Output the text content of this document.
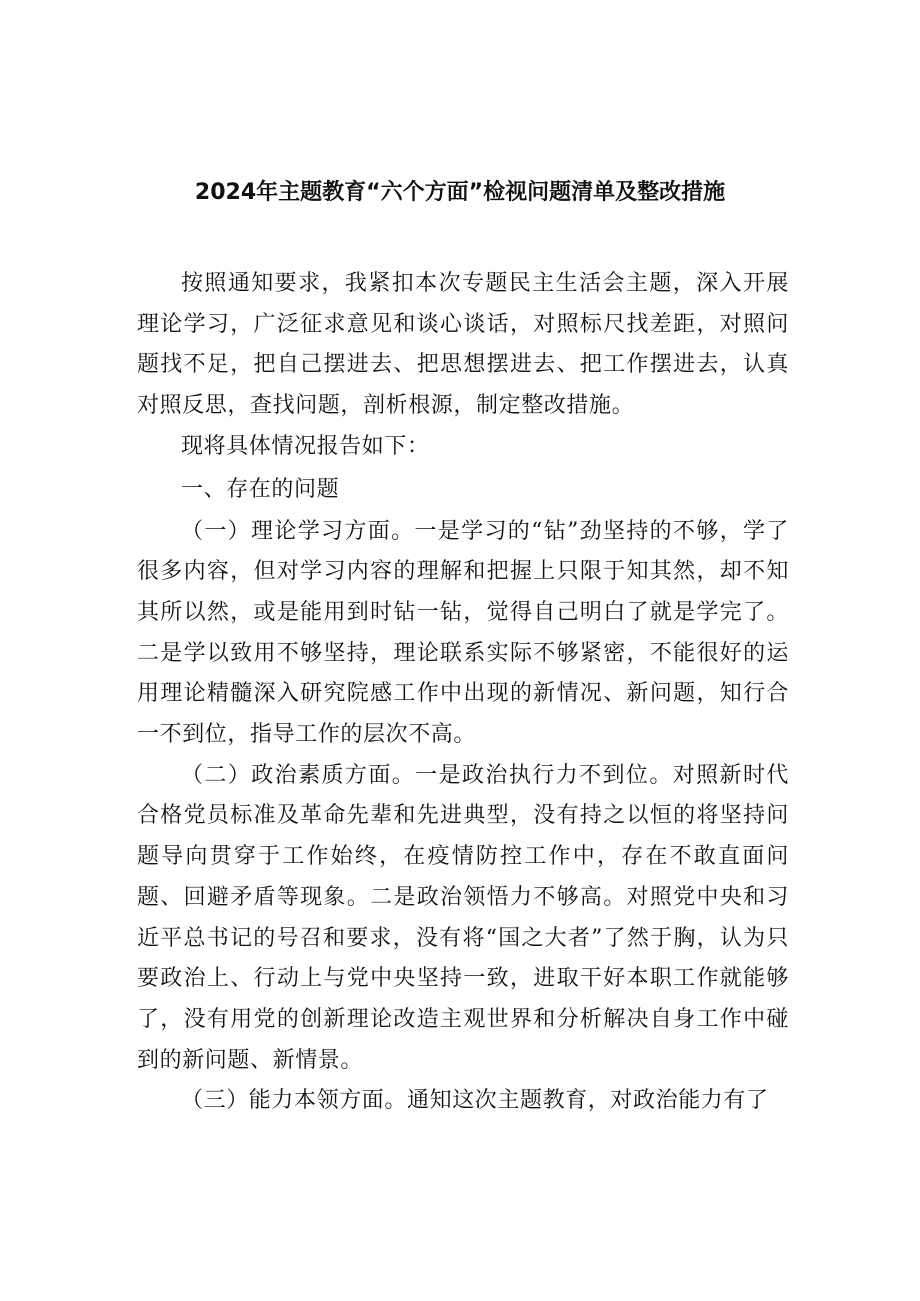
2024年主题教育“六个方面”检视问题清单及整改措施

按照通知要求，我紧扣本次专题民主生活会主题，深入开展理论学习，广泛征求意见和谈心谈话，对照标尺找差距，对照问题找不足，把自己摆进去、把思想摆进去、把工作摆进去，认真对照反思，查找问题，剖析根源，制定整改措施。

现将具体情况报告如下：

一、存在的问题

（一）理论学习方面。一是学习的“钻”劲坚持的不够，学了很多内容，但对学习内容的理解和把握上只限于知其然，却不知其所以然，或是能用到时钻一钻，觉得自己明白了就是学完了。二是学以致用不够坚持，理论联系实际不够紧密，不能很好的运用理论精髓深入研究院感工作中出现的新情况、新问题，知行合一不到位，指导工作的层次不高。

（二）政治素质方面。一是政治执行力不到位。对照新时代合格党员标准及革命先辈和先进典型，没有持之以恒的将坚持问题导向贯穿于工作始终，在疫情防控工作中，存在不敢直面问题、回避矛盾等现象。二是政治领悟力不够高。对照党中央和习近平总书记的号召和要求，没有将“国之大者”了然于胸，认为只要政治上、行动上与党中央坚持一致，进取干好本职工作就能够了，没有用党的创新理论改造主观世界和分析解决自身工作中碰到的新问题、新情景。

（三）能力本领方面。通知这次主题教育，对政治能力有了
